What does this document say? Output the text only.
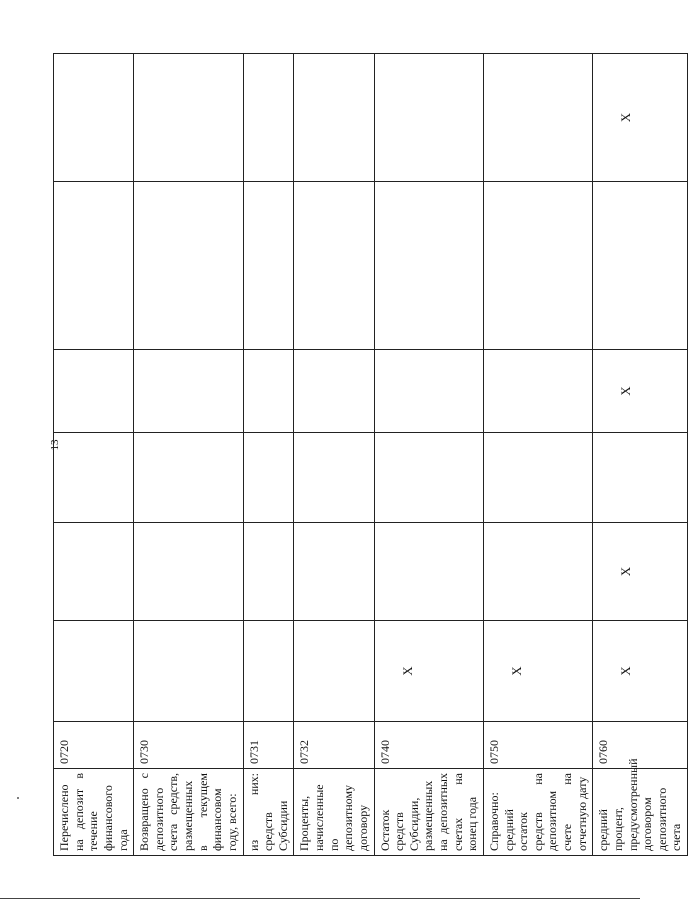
13
Перечислено на депозит в течение финансового года	0720						
Возвращено с депозитного счета средств, размещенных в текущем финансовом году, всего:	0730						
из них: средств Субсидии	0731						
Проценты, начисленные по депозитному договору	0732						
Остаток средств Субсидии, размещенных на депозитных счетах на конец года	0740	X					
Справочно: средний остаток средств на депозитном счете на отчетную дату	0750	X					
средний процент, предусмотренный договором депозитного счета	0760	X	X		X		X
